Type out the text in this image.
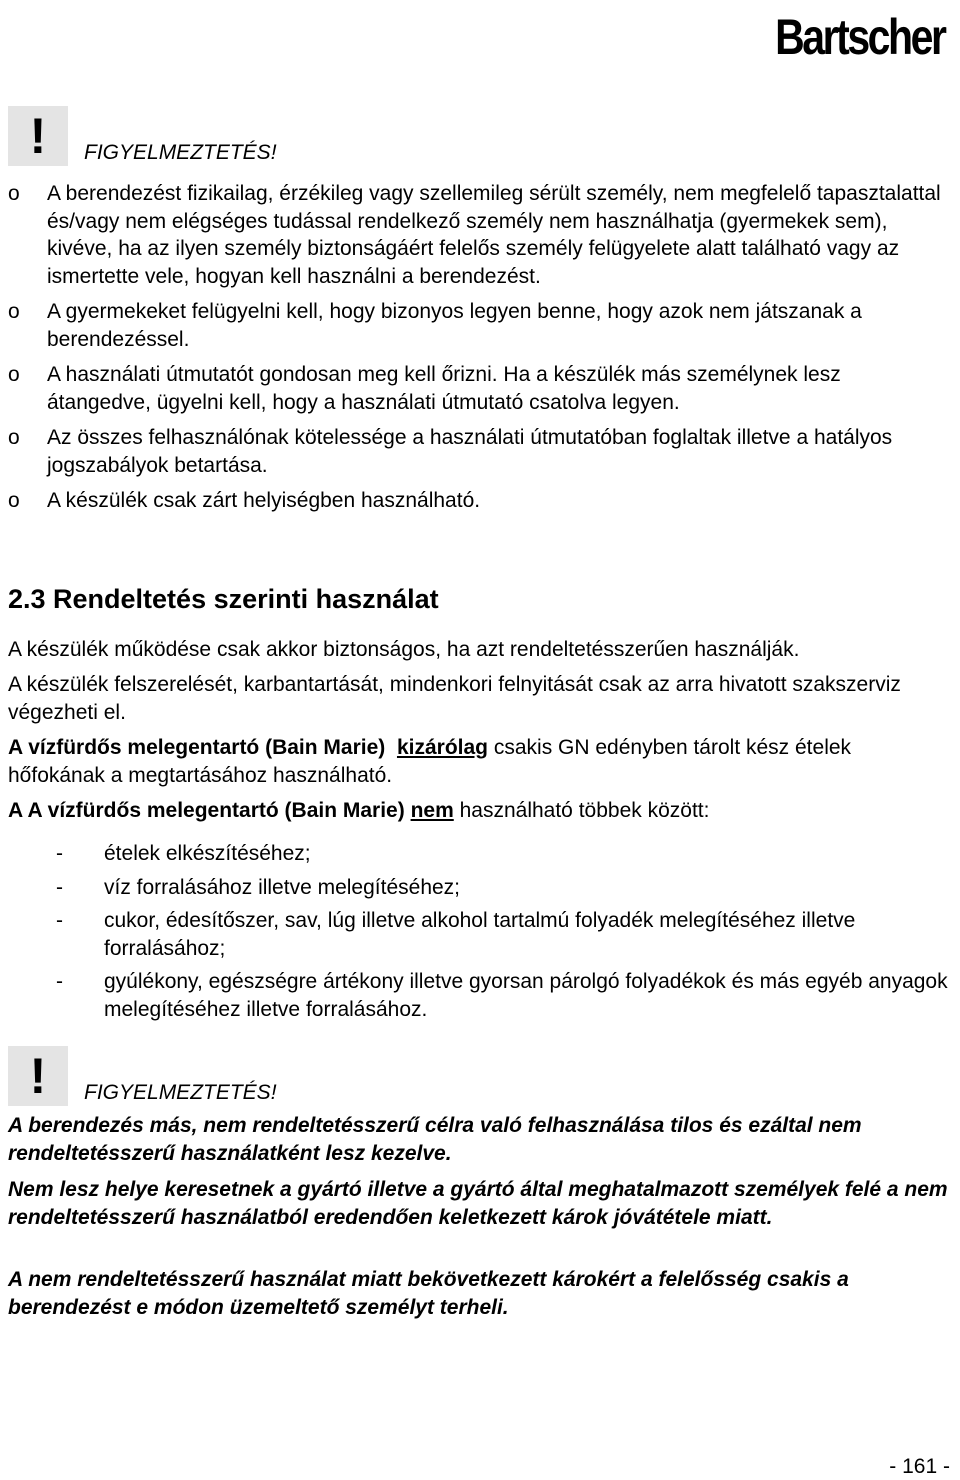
Bartscher
!	FIGYELMEZTETÉS!
o A berendezést fizikailag, érzékileg vagy szellemileg sérült személy, nem megfelelő tapasztalattal és/vagy nem elégséges tudással rendelkező személy nem használhatja (gyermekek sem), kivéve, ha az ilyen személy biztonságáért felelős személy felügyelete alatt található vagy az ismertette vele, hogyan kell használni a berendezést.
o A gyermekeket felügyelni kell, hogy bizonyos legyen benne, hogy azok nem játszanak a berendezéssel.
o A használati útmutatót gondosan meg kell őrizni. Ha a készülék más személynek lesz átangedve, ügyelni kell, hogy a használati útmutató csatolva legyen.
o Az összes felhasználónak kötelessége a használati útmutatóban foglaltak illetve a hatályos jogszabályok betartása.
o A készülék csak zárt helyiségben használható.
2.3 Rendeltetés szerinti használat
A készülék működése csak akkor biztonságos, ha azt rendeltetésszerűen használják.
A készülék felszerelését, karbantartását, mindenkori felnyitását csak az arra hivatott szakszerviz végezheti el.
A vízfürdős melegentartó (Bain Marie) kizárólag csakis GN edényben tárolt kész ételek hőfokának a megtartásához használható.
A A vízfürdős melegentartó (Bain Marie) nem használható többek között:
- ételek elkészítéséhez;
- víz forralásához illetve melegítéséhez;
- cukor, édesítőszer, sav, lúg illetve alkohol tartalmú folyadék melegítéséhez illetve forralásához;
- gyúlékony, egészségre ártékony illetve gyorsan párolgó folyadékok és más egyéb anyagok melegítéséhez illetve forralásához.
!	FIGYELMEZTETÉS!
A berendezés más, nem rendeltetésszerű célra való felhasználása tilos és ezáltal nem rendeltetésszerű használatként lesz kezelve.
Nem lesz helye keresetnek a gyártó illetve a gyártó által meghatalmazott személyek felé a nem rendeltetésszerű használatból eredendően keletkezett károk jóvátétele miatt.
A nem rendeltetésszerű használat miatt bekövetkezett károkért a felelősség csakis a berendezést e módon üzemeltető személyt terheli.
- 161 -
